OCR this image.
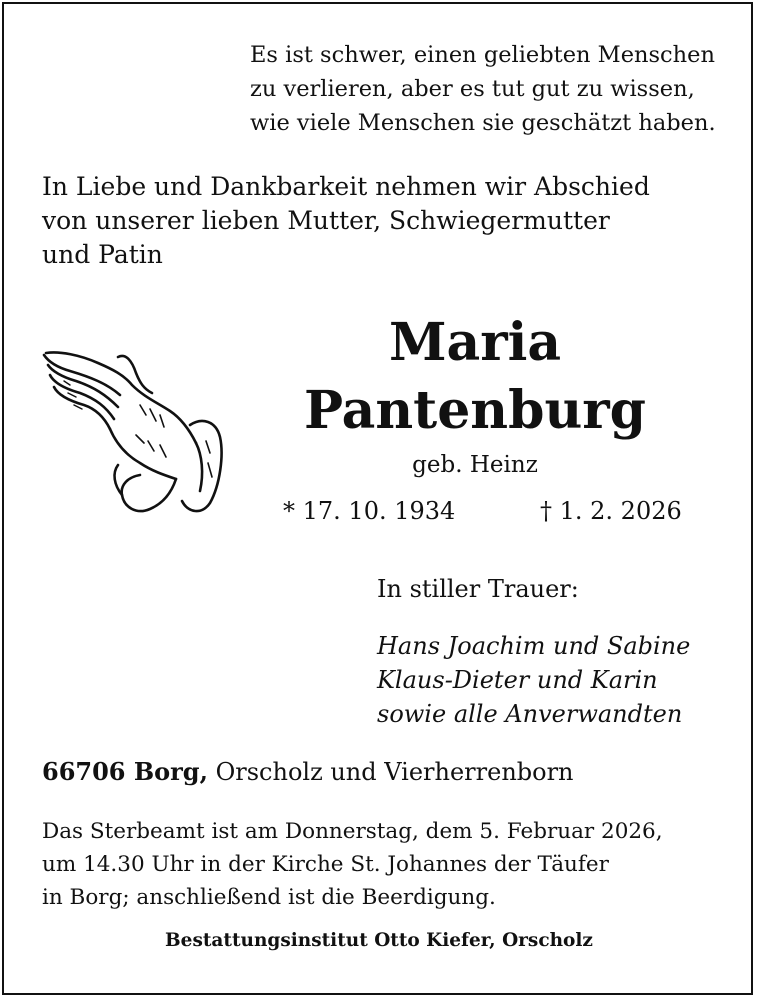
Es ist schwer, einen geliebten Menschen
zu verlieren, aber es tut gut zu wissen,
wie viele Menschen sie geschätzt haben.
In Liebe und Dankbarkeit nehmen wir Abschied
von unserer lieben Mutter, Schwiegermutter
und Patin
Maria
Pantenburg
geb. Heinz
* 17. 10. 1934	† 1. 2. 2026
In stiller Trauer:
Hans Joachim und Sabine
Klaus-Dieter und Karin
sowie alle Anverwandten
66706 Borg, Orscholz und Vierherrenborn
Das Sterbeamt ist am Donnerstag, dem 5. Februar 2026,
um 14.30 Uhr in der Kirche St. Johannes der Täufer
in Borg; anschließend ist die Beerdigung.
Bestattungsinstitut Otto Kiefer, Orscholz
